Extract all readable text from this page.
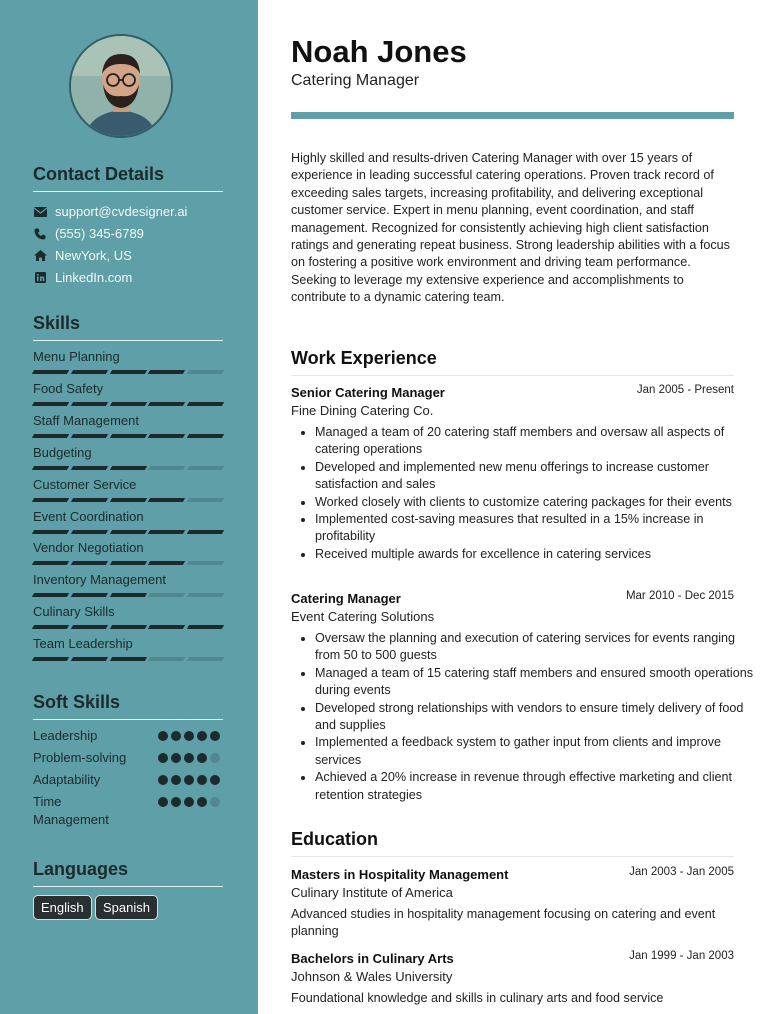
Contact Details
support@cvdesigner.ai
(555) 345-6789
NewYork, US
LinkedIn.com
Skills
Menu Planning
Food Safety
Staff Management
Budgeting
Customer Service
Event Coordination
Vendor Negotiation
Inventory Management
Culinary Skills
Team Leadership
Soft Skills
Leadership
Problem-solving
Adaptability
Time Management
Languages
English	Spanish
Noah Jones
Catering Manager
Highly skilled and results-driven Catering Manager with over 15 years of experience in leading successful catering operations. Proven track record of exceeding sales targets, increasing profitability, and delivering exceptional customer service. Expert in menu planning, event coordination, and staff management. Recognized for consistently achieving high client satisfaction ratings and generating repeat business. Strong leadership abilities with a focus on fostering a positive work environment and driving team performance. Seeking to leverage my extensive experience and accomplishments to contribute to a dynamic catering team.
Work Experience
Senior Catering Manager	Jan 2005 - Present
Fine Dining Catering Co.
• Managed a team of 20 catering staff members and oversaw all aspects of catering operations
• Developed and implemented new menu offerings to increase customer satisfaction and sales
• Worked closely with clients to customize catering packages for their events
• Implemented cost-saving measures that resulted in a 15% increase in profitability
• Received multiple awards for excellence in catering services
Catering Manager	Mar 2010 - Dec 2015
Event Catering Solutions
• Oversaw the planning and execution of catering services for events ranging from 50 to 500 guests
• Managed a team of 15 catering staff members and ensured smooth operations during events
• Developed strong relationships with vendors to ensure timely delivery of food and supplies
• Implemented a feedback system to gather input from clients and improve services
• Achieved a 20% increase in revenue through effective marketing and client retention strategies
Education
Masters in Hospitality Management	Jan 2003 - Jan 2005
Culinary Institute of America
Advanced studies in hospitality management focusing on catering and event planning
Bachelors in Culinary Arts	Jan 1999 - Jan 2003
Johnson & Wales University
Foundational knowledge and skills in culinary arts and food service
